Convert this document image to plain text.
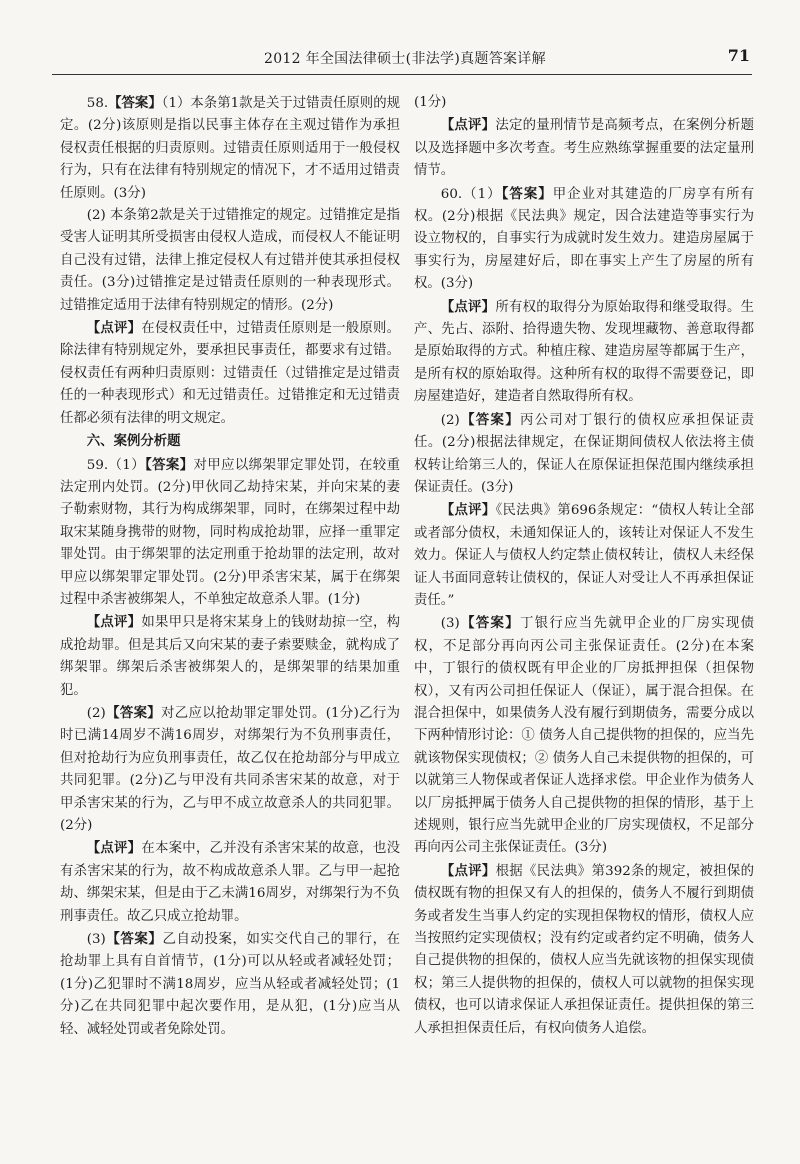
2012 年全国法律硕士(非法学)真题答案详解	71

58.【答案】（1）本条第1款是关于过错责任原则的规定。(2分)该原则是指以民事主体存在主观过错作为承担侵权责任根据的归责原则。过错责任原则适用于一般侵权行为，只有在法律有特别规定的情况下，才不适用过错责任原则。(3分)

(2) 本条第2款是关于过错推定的规定。过错推定是指受害人证明其所受损害由侵权人造成，而侵权人不能证明自己没有过错，法律上推定侵权人有过错并使其承担侵权责任。(3分)过错推定是过错责任原则的一种表现形式。过错推定适用于法律有特别规定的情形。(2分)

【点评】在侵权责任中，过错责任原则是一般原则。除法律有特别规定外，要承担民事责任，都要求有过错。侵权责任有两种归责原则：过错责任（过错推定是过错责任的一种表现形式）和无过错责任。过错推定和无过错责任都必须有法律的明文规定。

六、案例分析题

59.（1）【答案】对甲应以绑架罪定罪处罚，在较重法定刑内处罚。(2分)甲伙同乙劫持宋某，并向宋某的妻子勒索财物，其行为构成绑架罪，同时，在绑架过程中劫取宋某随身携带的财物，同时构成抢劫罪，应择一重罪定罪处罚。由于绑架罪的法定刑重于抢劫罪的法定刑，故对甲应以绑架罪定罪处罚。(2分)甲杀害宋某，属于在绑架过程中杀害被绑架人，不单独定故意杀人罪。(1分)

【点评】如果甲只是将宋某身上的钱财劫掠一空，构成抢劫罪。但是其后又向宋某的妻子索要赎金，就构成了绑架罪。绑架后杀害被绑架人的，是绑架罪的结果加重犯。

(2)【答案】对乙应以抢劫罪定罪处罚。(1分)乙行为时已满14周岁不满16周岁，对绑架行为不负刑事责任，但对抢劫行为应负刑事责任，故乙仅在抢劫部分与甲成立共同犯罪。(2分)乙与甲没有共同杀害宋某的故意，对于甲杀害宋某的行为，乙与甲不成立故意杀人的共同犯罪。(2分)

【点评】在本案中，乙并没有杀害宋某的故意，也没有杀害宋某的行为，故不构成故意杀人罪。乙与甲一起抢劫、绑架宋某，但是由于乙未满16周岁，对绑架行为不负刑事责任。故乙只成立抢劫罪。

(3)【答案】乙自动投案，如实交代自己的罪行，在抢劫罪上具有自首情节，(1分)可以从轻或者减轻处罚；(1分)乙犯罪时不满18周岁，应当从轻或者减轻处罚；(1分)乙在共同犯罪中起次要作用，是从犯，(1分)应当从轻、减轻处罚或者免除处罚。

(1分)

【点评】法定的量刑情节是高频考点，在案例分析题以及选择题中多次考查。考生应熟练掌握重要的法定量刑情节。

60.（1）【答案】甲企业对其建造的厂房享有所有权。(2分)根据《民法典》规定，因合法建造等事实行为设立物权的，自事实行为成就时发生效力。建造房屋属于事实行为，房屋建好后，即在事实上产生了房屋的所有权。(3分)

【点评】所有权的取得分为原始取得和继受取得。生产、先占、添附、拾得遗失物、发现埋藏物、善意取得都是原始取得的方式。种植庄稼、建造房屋等都属于生产，是所有权的原始取得。这种所有权的取得不需要登记，即房屋建造好，建造者自然取得所有权。

(2)【答案】丙公司对丁银行的债权应承担保证责任。(2分)根据法律规定，在保证期间债权人依法将主债权转让给第三人的，保证人在原保证担保范围内继续承担保证责任。(3分)

【点评】《民法典》第696条规定：“债权人转让全部或者部分债权，未通知保证人的，该转让对保证人不发生效力。保证人与债权人约定禁止债权转让，债权人未经保证人书面同意转让债权的，保证人对受让人不再承担保证责任。”

(3)【答案】丁银行应当先就甲企业的厂房实现债权，不足部分再向丙公司主张保证责任。(2分)在本案中，丁银行的债权既有甲企业的厂房抵押担保（担保物权），又有丙公司担任保证人（保证），属于混合担保。在混合担保中，如果债务人没有履行到期债务，需要分成以下两种情形讨论：① 债务人自己提供物的担保的，应当先就该物保实现债权；② 债务人自己未提供物的担保的，可以就第三人物保或者保证人选择求偿。甲企业作为债务人以厂房抵押属于债务人自己提供物的担保的情形，基于上述规则，银行应当先就甲企业的厂房实现债权，不足部分再向丙公司主张保证责任。(3分)

【点评】根据《民法典》第392条的规定，被担保的债权既有物的担保又有人的担保的，债务人不履行到期债务或者发生当事人约定的实现担保物权的情形，债权人应当按照约定实现债权；没有约定或者约定不明确，债务人自己提供物的担保的，债权人应当先就该物的担保实现债权；第三人提供物的担保的，债权人可以就物的担保实现债权，也可以请求保证人承担保证责任。提供担保的第三人承担担保责任后，有权向债务人追偿。
